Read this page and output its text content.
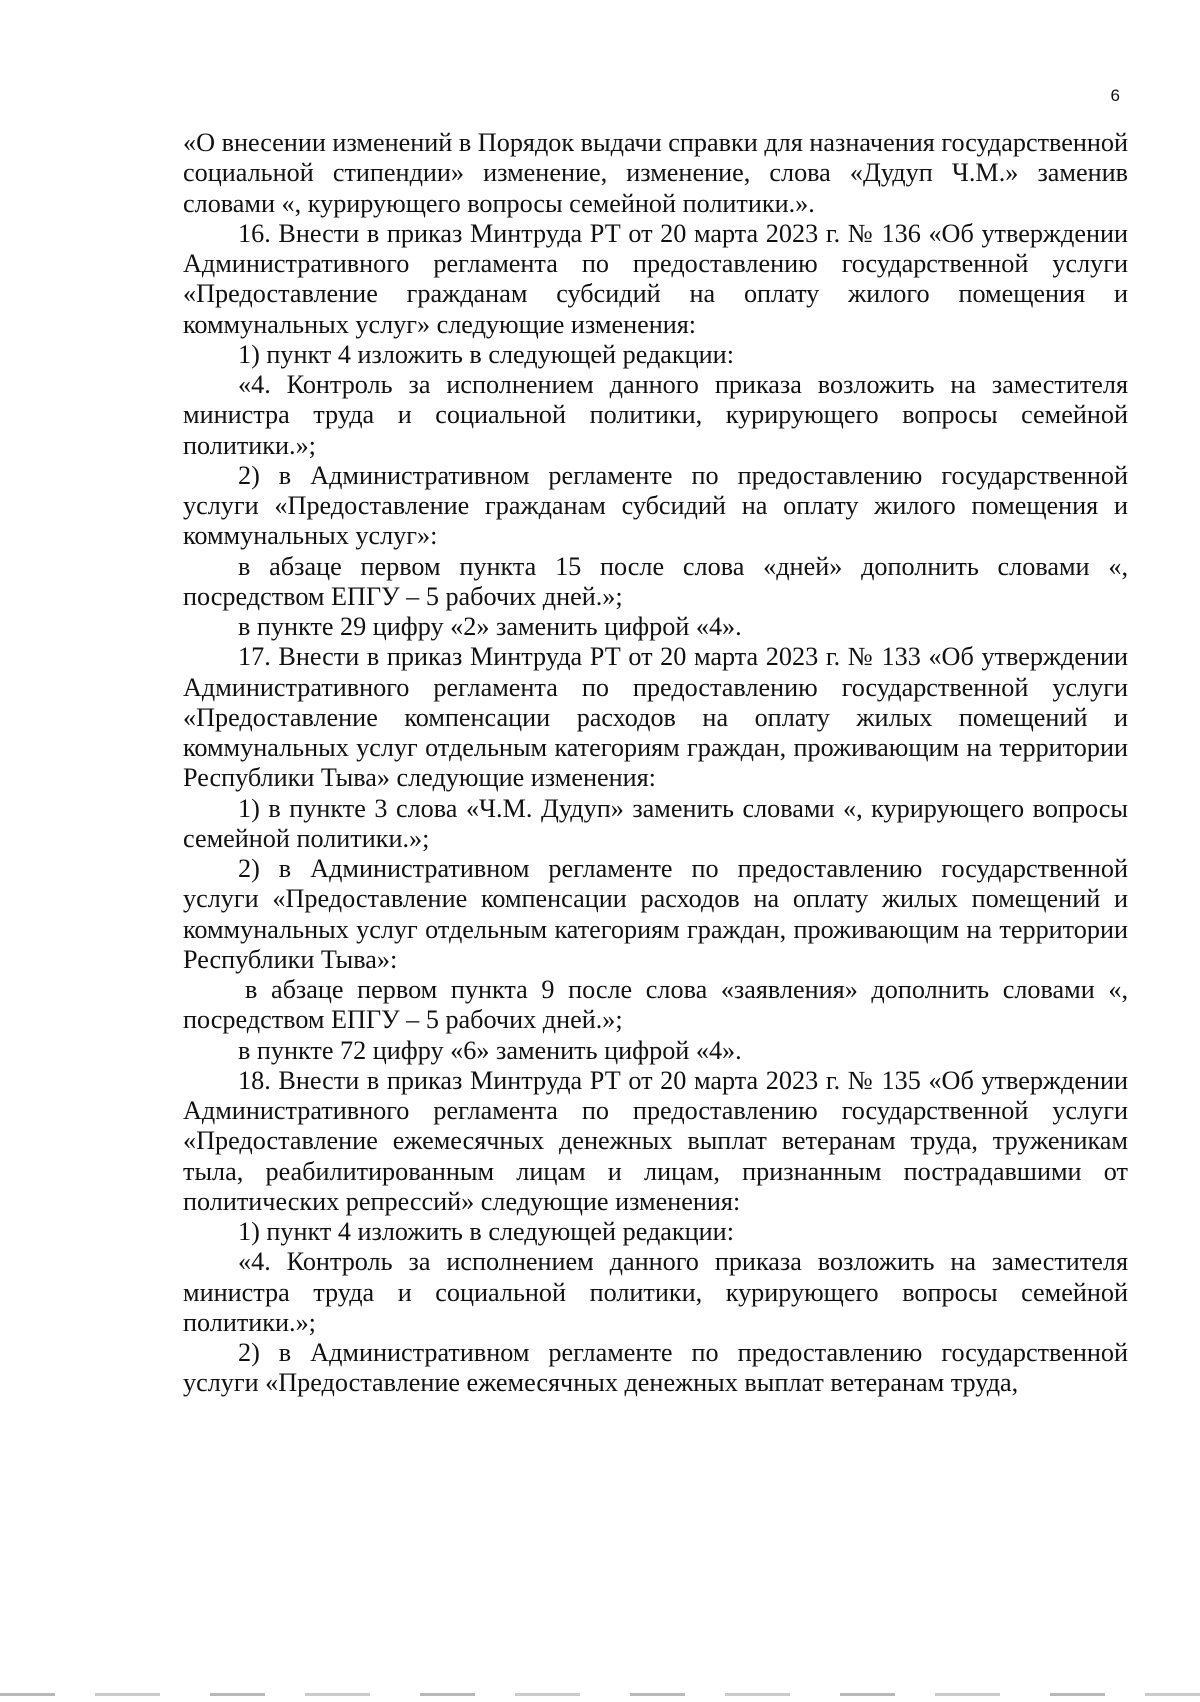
6

«О внесении изменений в Порядок выдачи справки для назначения государственной социальной стипендии» изменение, изменение, слова «Дудуп Ч.М.» заменив словами «, курирующего вопросы семейной политики.».

16. Внести в приказ Минтруда РТ от 20 марта 2023 г. № 136 «Об утверждении Административного регламента по предоставлению государственной услуги «Предоставление гражданам субсидий на оплату жилого помещения и коммунальных услуг» следующие изменения:

1) пункт 4 изложить в следующей редакции:

«4. Контроль за исполнением данного приказа возложить на заместителя министра труда и социальной политики, курирующего вопросы семейной политики.»;

2) в Административном регламенте по предоставлению государственной услуги «Предоставление гражданам субсидий на оплату жилого помещения и коммунальных услуг»:

в абзаце первом пункта 15 после слова «дней» дополнить словами «, посредством ЕПГУ – 5 рабочих дней.»;

в пункте 29 цифру «2» заменить цифрой «4».

17. Внести в приказ Минтруда РТ от 20 марта 2023 г. № 133 «Об утверждении Административного регламента по предоставлению государственной услуги «Предоставление компенсации расходов на оплату жилых помещений и коммунальных услуг отдельным категориям граждан, проживающим на территории Республики Тыва» следующие изменения:

1) в пункте 3 слова «Ч.М. Дудуп» заменить словами «, курирующего вопросы семейной политики.»;

2) в Административном регламенте по предоставлению государственной услуги «Предоставление компенсации расходов на оплату жилых помещений и коммунальных услуг отдельным категориям граждан, проживающим на территории Республики Тыва»:

в абзаце первом пункта 9 после слова «заявления» дополнить словами «, посредством ЕПГУ – 5 рабочих дней.»;

в пункте 72 цифру «6» заменить цифрой «4».

18. Внести в приказ Минтруда РТ от 20 марта 2023 г. № 135 «Об утверждении Административного регламента по предоставлению государственной услуги «Предоставление ежемесячных денежных выплат ветеранам труда, труженикам тыла, реабилитированным лицам и лицам, признанным пострадавшими от политических репрессий» следующие изменения:

1) пункт 4 изложить в следующей редакции:

«4. Контроль за исполнением данного приказа возложить на заместителя министра труда и социальной политики, курирующего вопросы семейной политики.»;

2) в Административном регламенте по предоставлению государственной услуги «Предоставление ежемесячных денежных выплат ветеранам труда,
